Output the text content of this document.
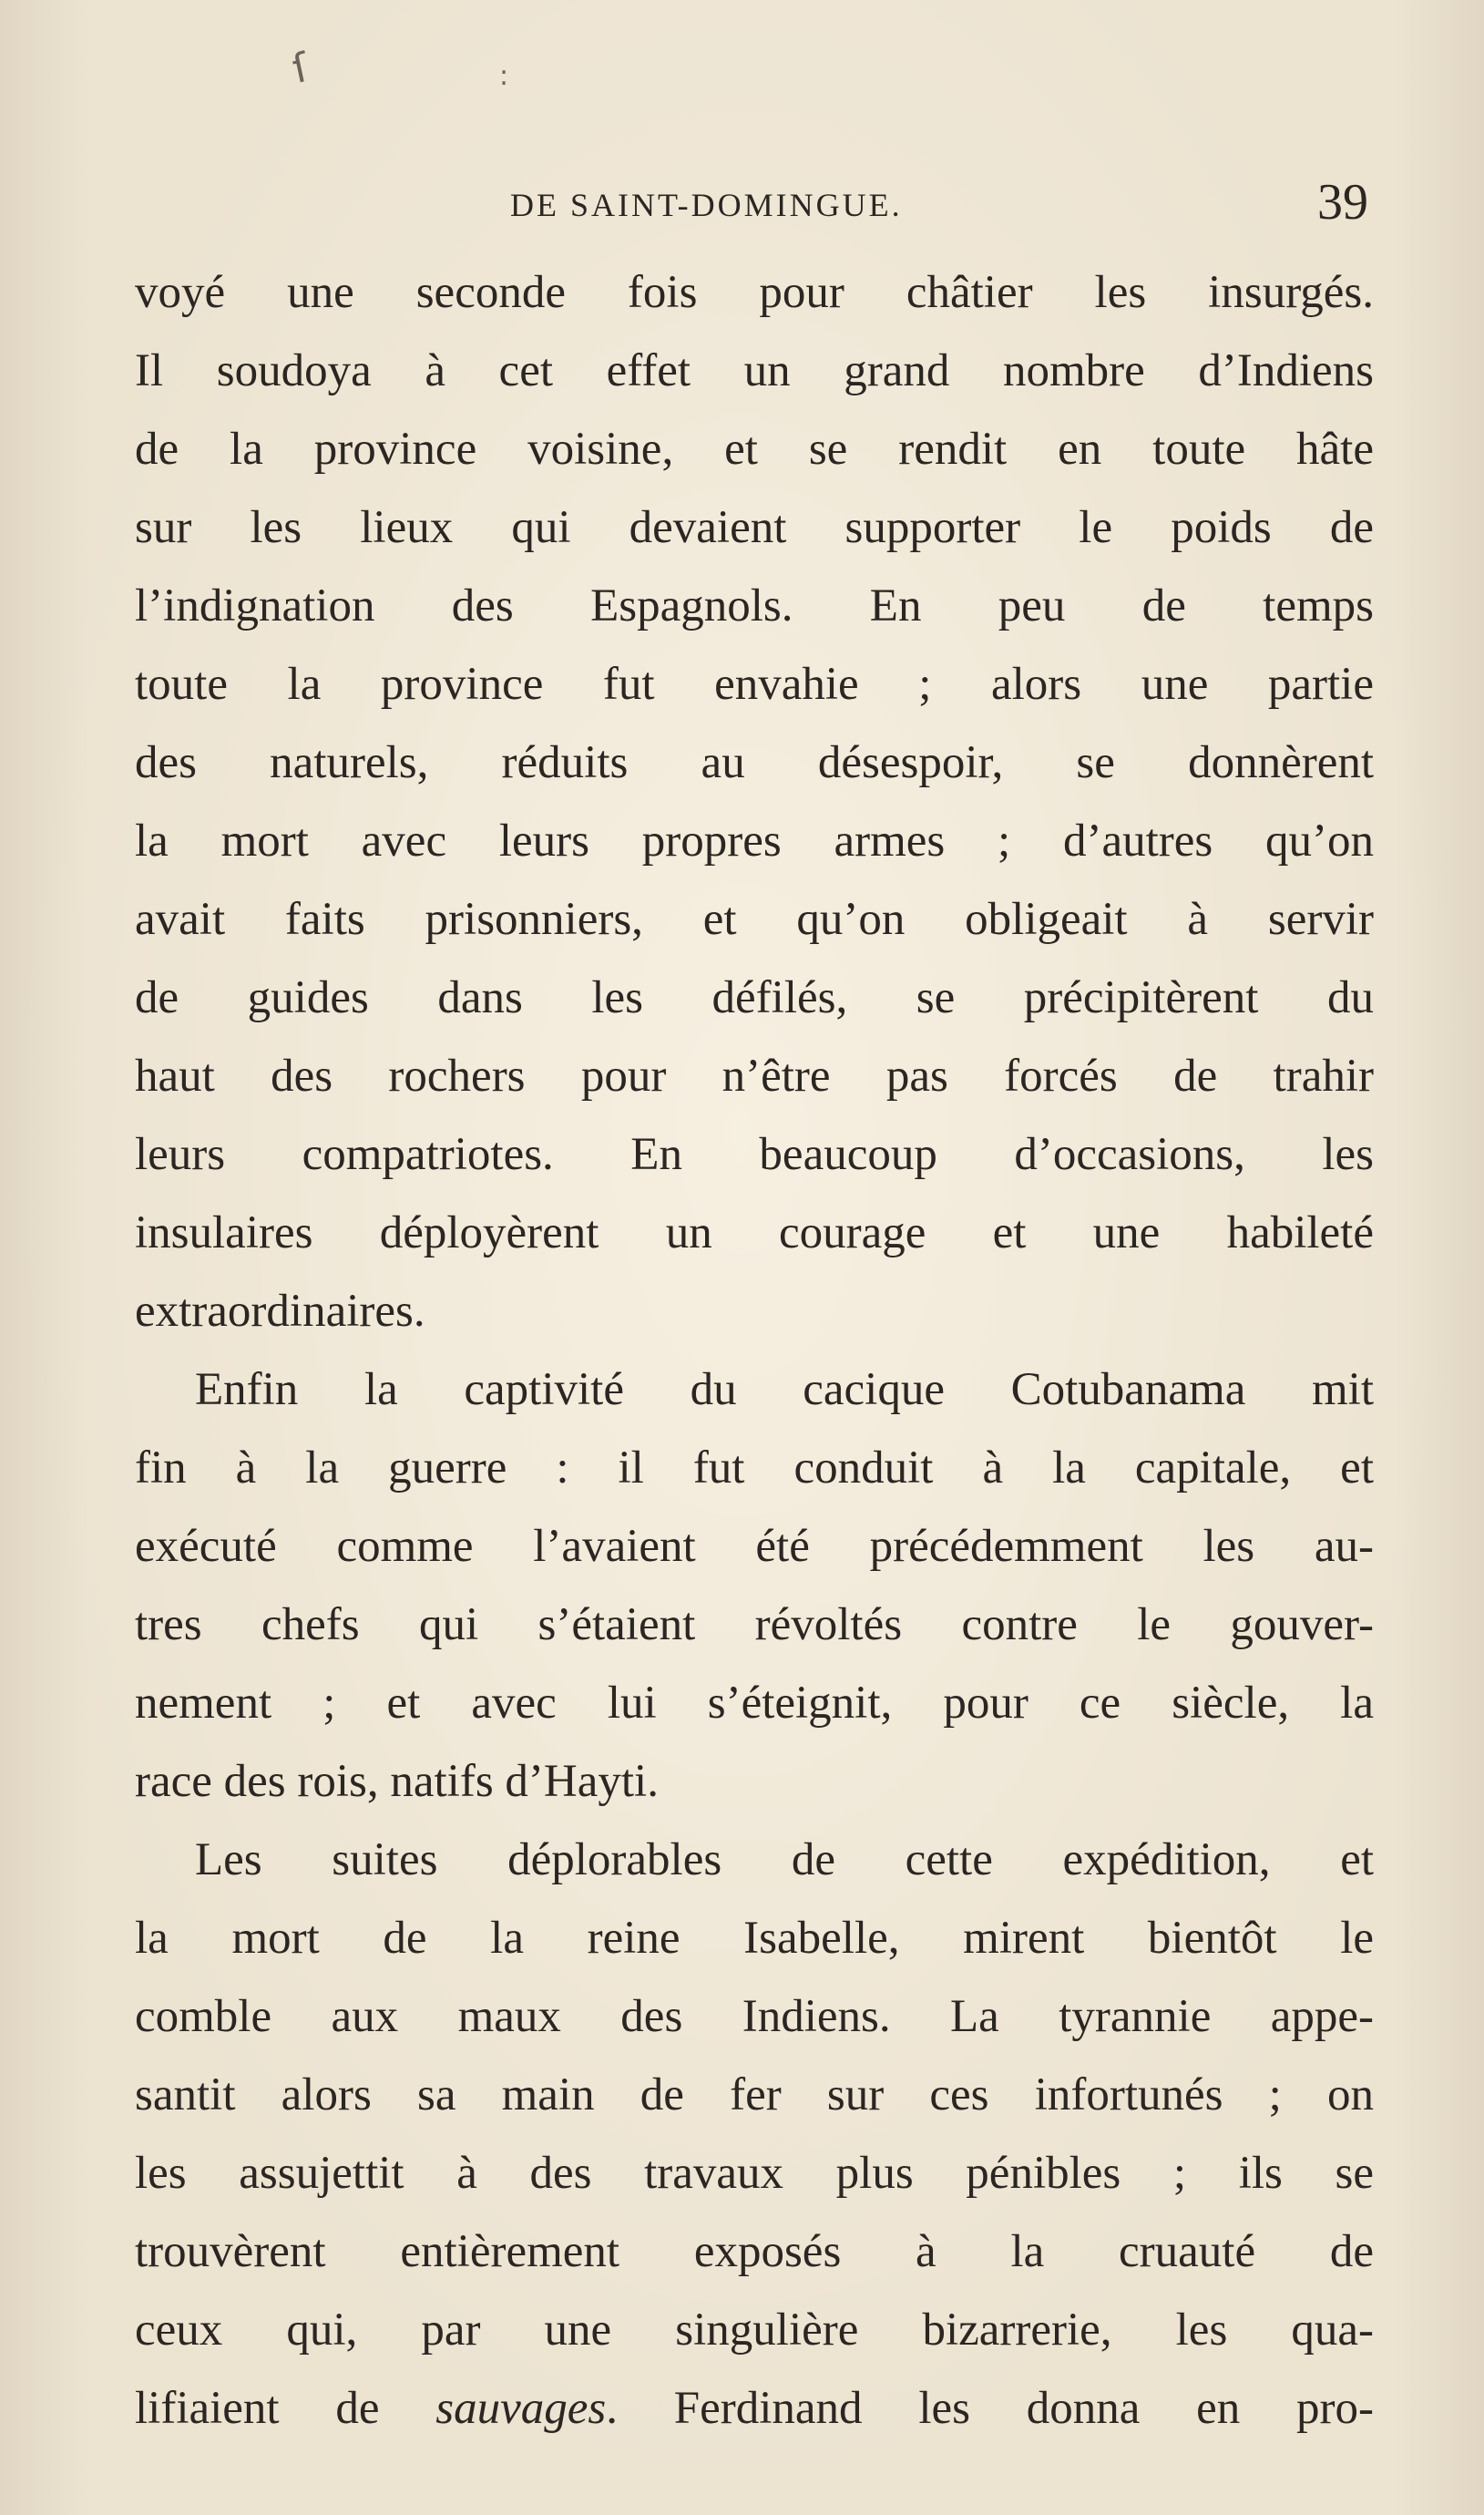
ſ	:
DE SAINT-DOMINGUE.	39
voyé une seconde fois pour châtier les insurgés.
Il soudoya à cet effet un grand nombre d’Indiens
de la province voisine, et se rendit en toute hâte
sur les lieux qui devaient supporter le poids de
l’indignation des Espagnols. En peu de temps
toute la province fut envahie ; alors une partie
des naturels, réduits au désespoir, se donnèrent
la mort avec leurs propres armes ; d’autres qu’on
avait faits prisonniers, et qu’on obligeait à servir
de guides dans les défilés, se précipitèrent du
haut des rochers pour n’être pas forcés de trahir
leurs compatriotes. En beaucoup d’occasions, les
insulaires déployèrent un courage et une habileté
extraordinaires.
Enfin la captivité du cacique Cotubanama mit
fin à la guerre : il fut conduit à la capitale, et
exécuté comme l’avaient été précédemment les au-
tres chefs qui s’étaient révoltés contre le gouver-
nement ; et avec lui s’éteignit, pour ce siècle, la
race des rois, natifs d’Hayti.
Les suites déplorables de cette expédition, et
la mort de la reine Isabelle, mirent bientôt le
comble aux maux des Indiens. La tyrannie appe-
santit alors sa main de fer sur ces infortunés ; on
les assujettit à des travaux plus pénibles ; ils se
trouvèrent entièrement exposés à la cruauté de
ceux qui, par une singulière bizarrerie, les qua-
lifiaient de sauvages. Ferdinand les donna en pro-
